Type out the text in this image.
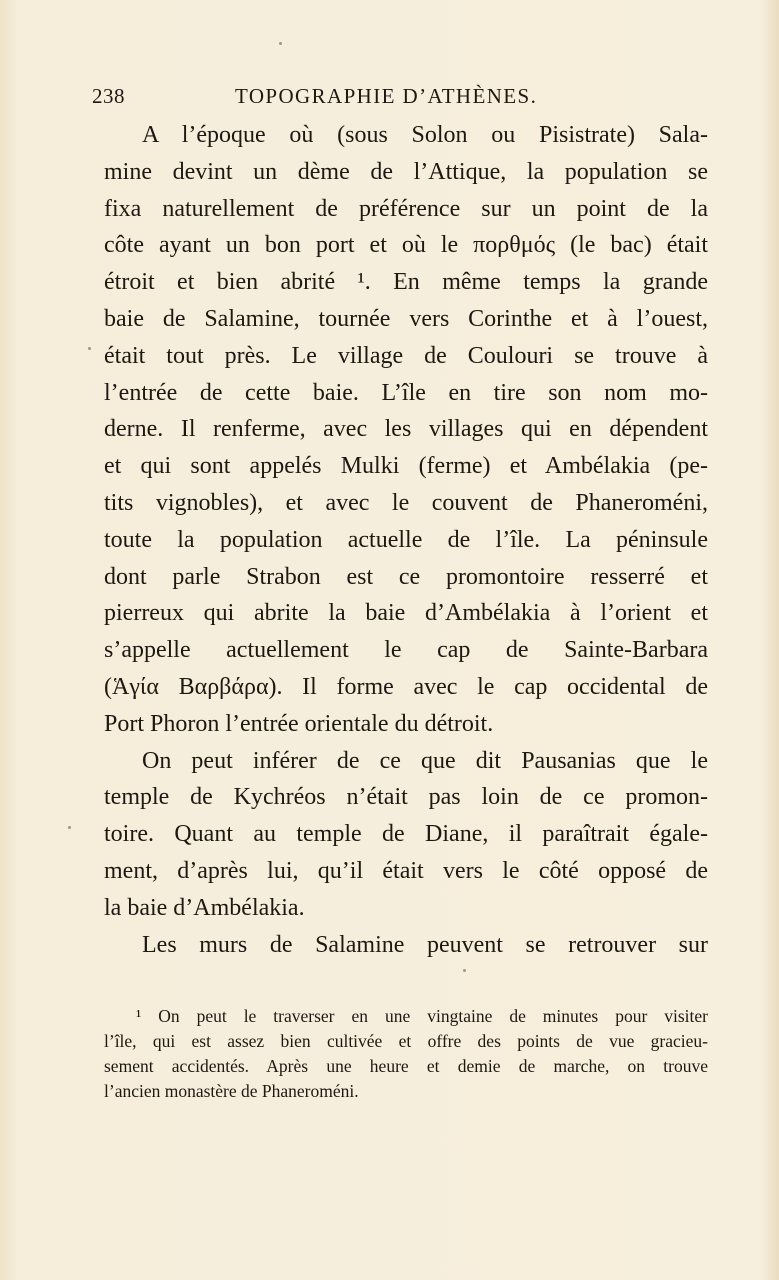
238	TOPOGRAPHIE D’ATHÈNES.
A l’époque où (sous Solon ou Pisistrate) Sala-
mine devint un dème de l’Attique, la population se
fixa naturellement de préférence sur un point de la
côte ayant un bon port et où le πορθμός (le bac) était
étroit et bien abrité ¹. En même temps la grande
baie de Salamine, tournée vers Corinthe et à l’ouest,
était tout près. Le village de Coulouri se trouve à
l’entrée de cette baie. L’île en tire son nom mo-
derne. Il renferme, avec les villages qui en dépendent
et qui sont appelés Mulki (ferme) et Ambélakia (pe-
tits vignobles), et avec le couvent de Phaneroméni,
toute la population actuelle de l’île. La péninsule
dont parle Strabon est ce promontoire resserré et
pierreux qui abrite la baie d’Ambélakia à l’orient et
s’appelle actuellement le cap de Sainte-Barbara
(Ἁγία Βαρβάρα). Il forme avec le cap occidental de
Port Phoron l’entrée orientale du détroit.
On peut inférer de ce que dit Pausanias que le
temple de Kychréos n’était pas loin de ce promon-
toire. Quant au temple de Diane, il paraîtrait égale-
ment, d’après lui, qu’il était vers le côté opposé de
la baie d’Ambélakia.
Les murs de Salamine peuvent se retrouver sur
¹ On peut le traverser en une vingtaine de minutes pour visiter
l’île, qui est assez bien cultivée et offre des points de vue gracieu-
sement accidentés. Après une heure et demie de marche, on trouve
l’ancien monastère de Phaneroméni.
